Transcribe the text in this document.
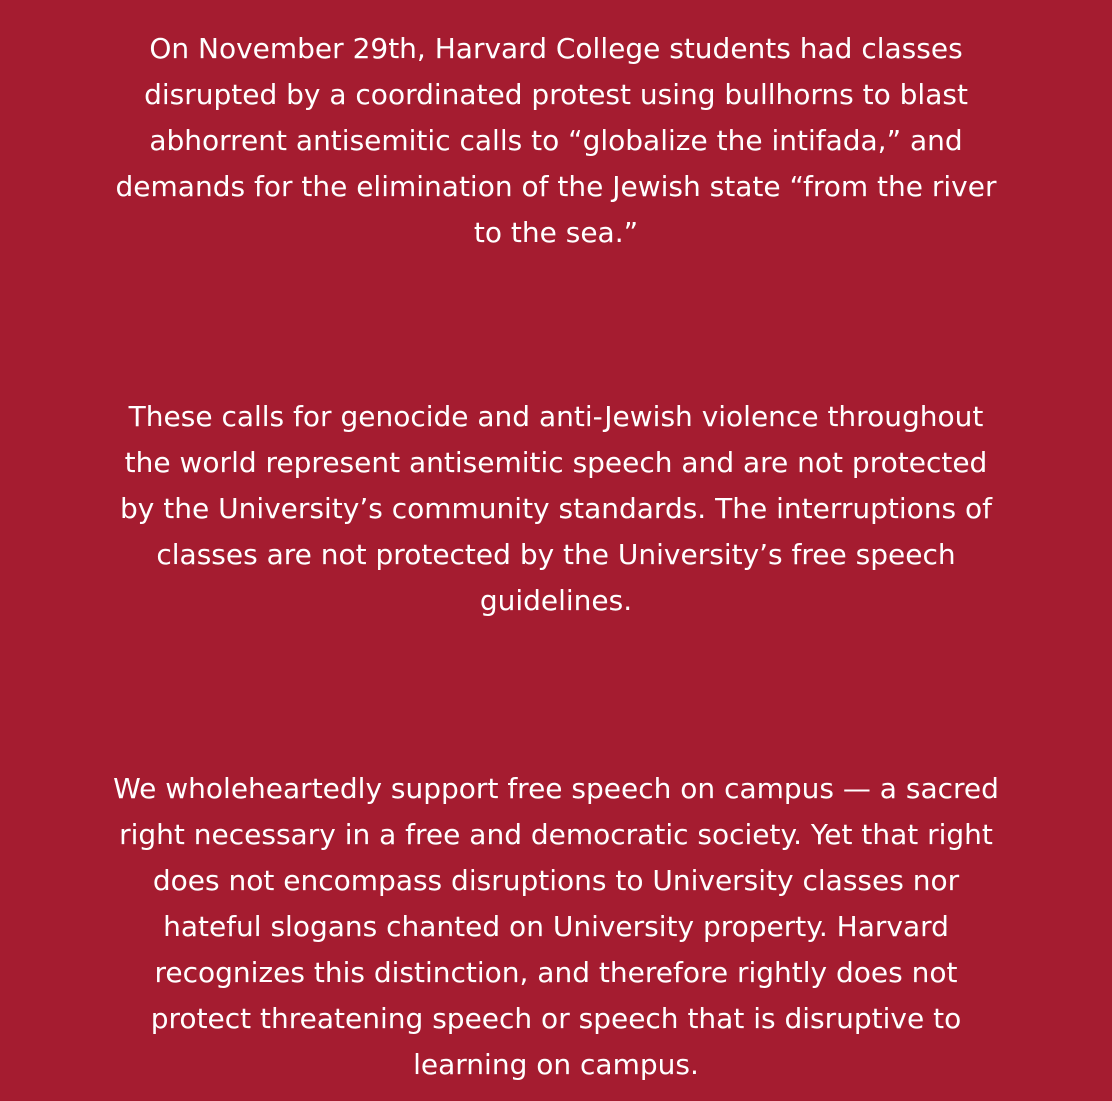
On November 29th, Harvard College students had classes
disrupted by a coordinated protest using bullhorns to blast
abhorrent antisemitic calls to “globalize the intifada,” and
demands for the elimination of the Jewish state “from the river
to the sea.”

These calls for genocide and anti-Jewish violence throughout
the world represent antisemitic speech and are not protected
by the University’s community standards. The interruptions of
classes are not protected by the University’s free speech
guidelines.

We wholeheartedly support free speech on campus — a sacred
right necessary in a free and democratic society. Yet that right
does not encompass disruptions to University classes nor
hateful slogans chanted on University property. Harvard
recognizes this distinction, and therefore rightly does not
protect threatening speech or speech that is disruptive to
learning on campus.
